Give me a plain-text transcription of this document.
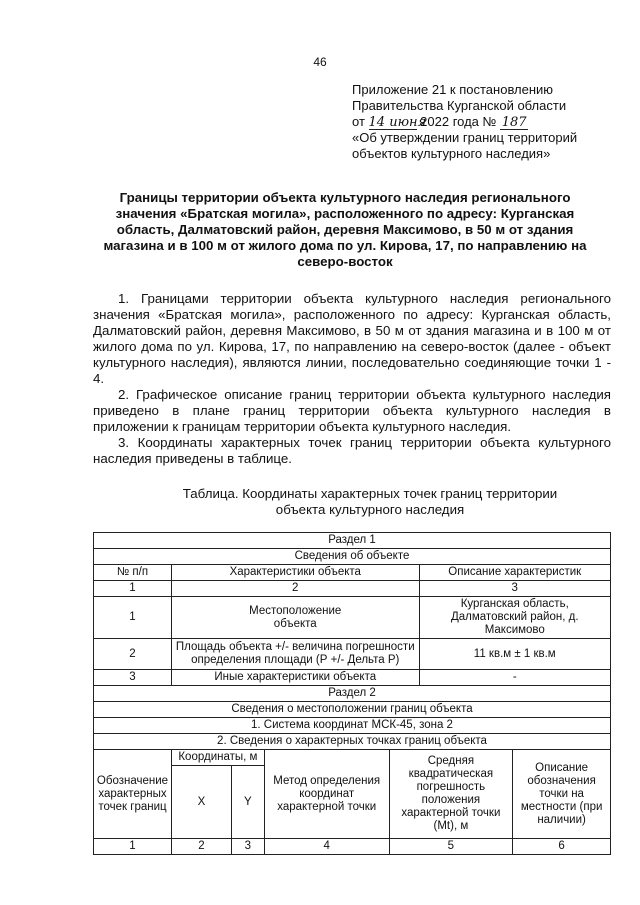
46
Приложение 21 к постановлению
Правительства Курганской области
от 14 июня 2022 года № 187
«Об утверждении границ территорий
объектов культурного наследия»
Границы территории объекта культурного наследия регионального значения «Братская могила», расположенного по адресу: Курганская область, Далматовский район, деревня Максимово, в 50 м от здания магазина и в 100 м от жилого дома по ул. Кирова, 17, по направлению на северо-восток

1. Границами территории объекта культурного наследия регионального значения «Братская могила», расположенного по адресу: Курганская область, Далматовский район, деревня Максимово, в 50 м от здания магазина и в 100 м от жилого дома по ул. Кирова, 17, по направлению на северо-восток (далее - объект культурного наследия), являются линии, последовательно соединяющие точки 1 - 4.

2. Графическое описание границ территории объекта культурного наследия приведено в плане границ территории объекта культурного наследия в приложении к границам территории объекта культурного наследия.

3. Координаты характерных точек границ территории объекта культурного наследия приведены в таблице.

Таблица. Координаты характерных точек границ территории
объекта культурного наследия
Раздел 1						
Сведения об объекте						
№ п/п	Характеристики объекта				Описание характеристик	
1	2				3	
1	Местоположение объекта				Курганская область, Далматовский район, д. Максимово	
2	Площадь объекта +/- величина погрешности определения площади (Р +/- Дельта Р)				11 кв.м ± 1 кв.м	
3	Иные характеристики объекта				-	
Раздел 2						
Сведения о местоположении границ объекта						
1. Система координат МСК-45, зона 2						
2. Сведения о характерных точках границ объекта						
Обозначение характерных точек границ	Координаты, м		Метод определения координат характерной точки	Средняя квадратическая погрешность положения характерной точки (Mt), м		Описание обозначения точки на местности (при наличии)
	X	Y				
1	2	3	4	5		6
